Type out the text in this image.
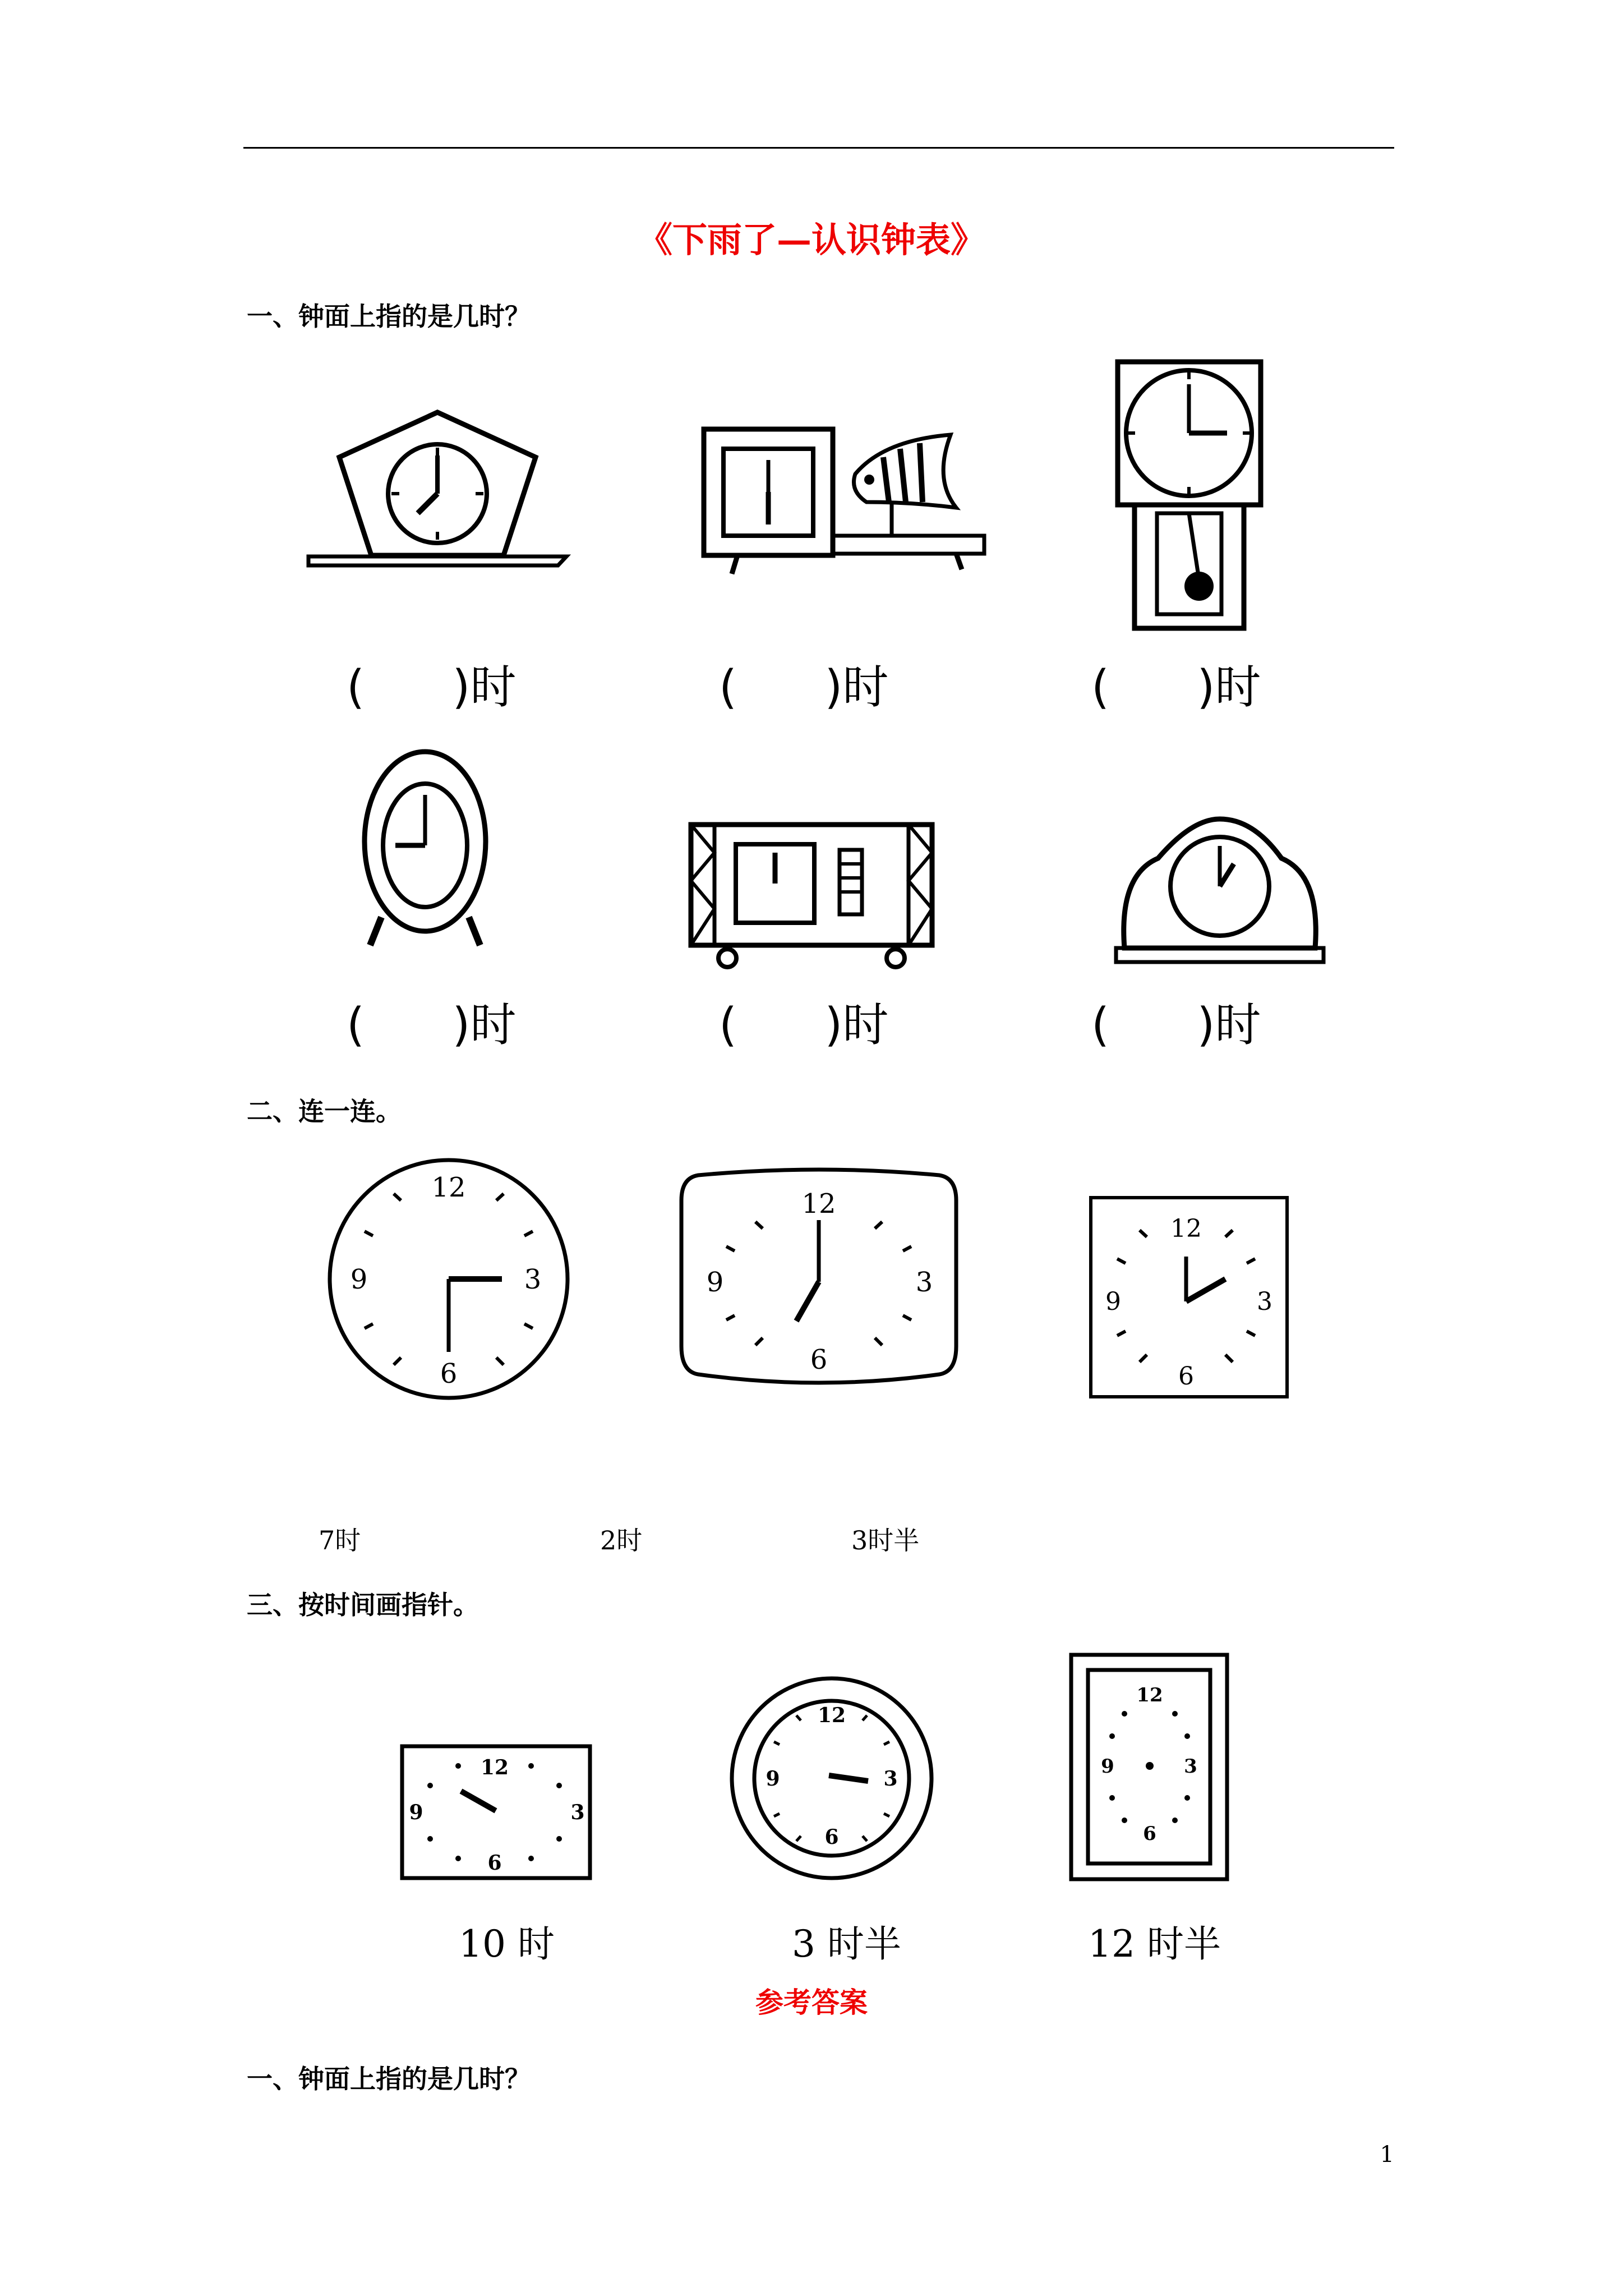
《下雨了—认识钟表》
一、钟面上指的是几时？
(      )时	(      )时	(      )时
(      )时	(      )时	(      )时
二、连一连。
12
3
6
9
12
3
6
9
12
3
6
9
7时	2时	3时半
三、按时间画指针。
12
3
6
9
12
3
6
9
12
3
6
9
10 时	3 时半	12 时半
参考答案
一、钟面上指的是几时？
1
